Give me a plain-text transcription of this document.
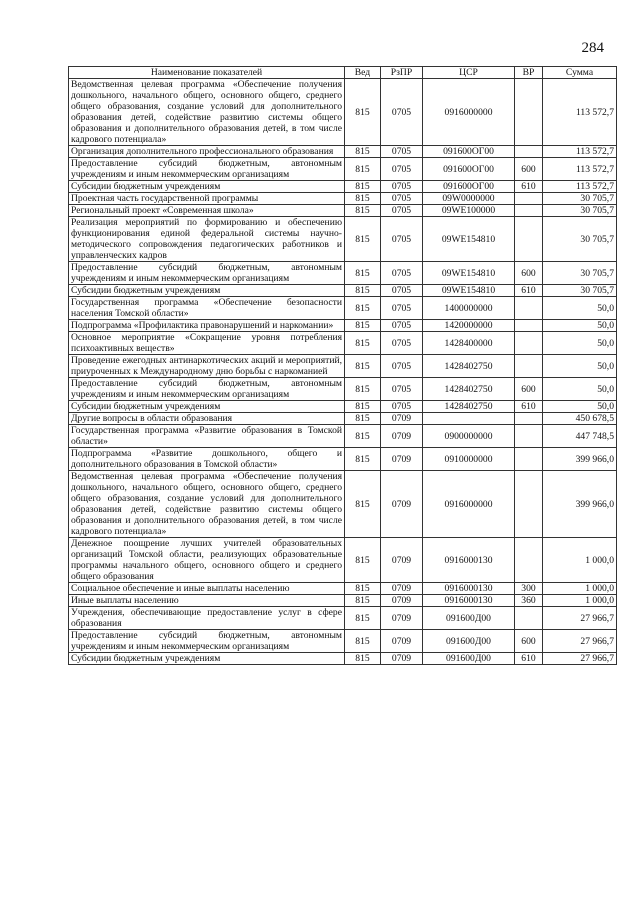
284
Наименование показателей	Вед	РзПР	ЦСР	ВР	Сумма
Ведомственная целевая программа «Обеспечение получения дошкольного, начального общего, основного общего, среднего общего образования, создание условий для дополнительного образования детей, содействие развитию системы общего образования и дополнительного образования детей, в том числе кадрового потенциала»	815	0705	0916000000		113 572,7
Организация дополнительного профессионального образования	815	0705	091600ОГ00		113 572,7
Предоставление субсидий бюджетным, автономным учреждениям и иным некоммерческим организациям	815	0705	091600ОГ00	600	113 572,7
Субсидии бюджетным учреждениям	815	0705	091600ОГ00	610	113 572,7
Проектная часть государственной программы	815	0705	09W0000000		30 705,7
Региональный проект «Современная школа»	815	0705	09WE100000		30 705,7
Реализация мероприятий по формированию и обеспечению функционирования единой федеральной системы научно-методического сопровождения педагогических работников и управленческих кадров	815	0705	09WE154810		30 705,7
Предоставление субсидий бюджетным, автономным учреждениям и иным некоммерческим организациям	815	0705	09WE154810	600	30 705,7
Субсидии бюджетным учреждениям	815	0705	09WE154810	610	30 705,7
Государственная программа «Обеспечение безопасности населения Томской области»	815	0705	1400000000		50,0
Подпрограмма «Профилактика правонарушений и наркомании»	815	0705	1420000000		50,0
Основное мероприятие «Сокращение уровня потребления психоактивных веществ»	815	0705	1428400000		50,0
Проведение ежегодных антинаркотических акций и мероприятий, приуроченных к Международному дню борьбы с наркоманией	815	0705	1428402750		50,0
Предоставление субсидий бюджетным, автономным учреждениям и иным некоммерческим организациям	815	0705	1428402750	600	50,0
Субсидии бюджетным учреждениям	815	0705	1428402750	610	50,0
Другие вопросы в области образования	815	0709			450 678,5
Государственная программа «Развитие образования в Томской области»	815	0709	0900000000		447 748,5
Подпрограмма «Развитие дошкольного, общего и дополнительного образования в Томской области»	815	0709	0910000000		399 966,0
Ведомственная целевая программа «Обеспечение получения дошкольного, начального общего, основного общего, среднего общего образования, создание условий для дополнительного образования детей, содействие развитию системы общего образования и дополнительного образования детей, в том числе кадрового потенциала»	815	0709	0916000000		399 966,0
Денежное поощрение лучших учителей образовательных организаций Томской области, реализующих образовательные программы начального общего, основного общего и среднего общего образования	815	0709	0916000130		1 000,0
Социальное обеспечение и иные выплаты населению	815	0709	0916000130	300	1 000,0
Иные выплаты населению	815	0709	0916000130	360	1 000,0
Учреждения, обеспечивающие предоставление услуг в сфере образования	815	0709	091600Д00		27 966,7
Предоставление субсидий бюджетным, автономным учреждениям и иным некоммерческим организациям	815	0709	091600Д00	600	27 966,7
Субсидии бюджетным учреждениям	815	0709	091600Д00	610	27 966,7
